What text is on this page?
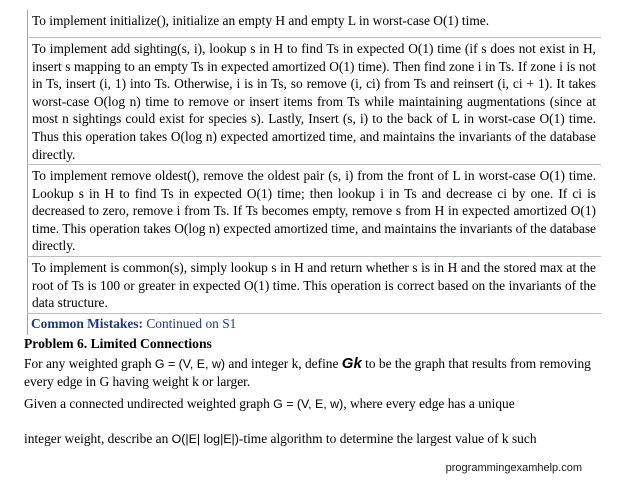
To implement initialize(), initialize an empty H and empty L in worst-case O(1) time.
To implement add sighting(s, i), lookup s in H to find Ts in expected O(1) time (if s does not exist in H, insert s mapping to an empty Ts in expected amortized O(1) time). Then find zone i in Ts. If zone i is not in Ts, insert (i, 1) into Ts. Otherwise, i is in Ts, so remove (i, ci) from Ts and reinsert (i, ci + 1). It takes worst-case O(log n) time to remove or insert items from Ts while maintaining augmentations (since at most n sightings could exist for species s). Lastly, Insert (s, i) to the back of L in worst-case O(1) time. Thus this operation takes O(log n) expected amortized time, and maintains the invariants of the database directly.
To implement remove oldest(), remove the oldest pair (s, i) from the front of L in worst-case O(1) time. Lookup s in H to find Ts in expected O(1) time; then lookup i in Ts and decrease ci by one. If ci is decreased to zero, remove i from Ts. If Ts becomes empty, remove s from H in expected amortized O(1) time. This operation takes O(log n) expected amortized time, and maintains the invariants of the database directly.
To implement is common(s), simply lookup s in H and return whether s is in H and the stored max at the root of Ts is 100 or greater in expected O(1) time. This operation is correct based on the invariants of the data structure.
Common Mistakes: Continued on S1
Problem 6. Limited Connections
For any weighted graph G = (V, E, w) and integer k, define Gk to be the graph that results from removing every edge in G having weight k or larger.
Given a connected undirected weighted graph G = (V, E, w), where every edge has a unique
integer weight, describe an O(|E| log|E|)-time algorithm to determine the largest value of k such
programmingexamhelp.com
